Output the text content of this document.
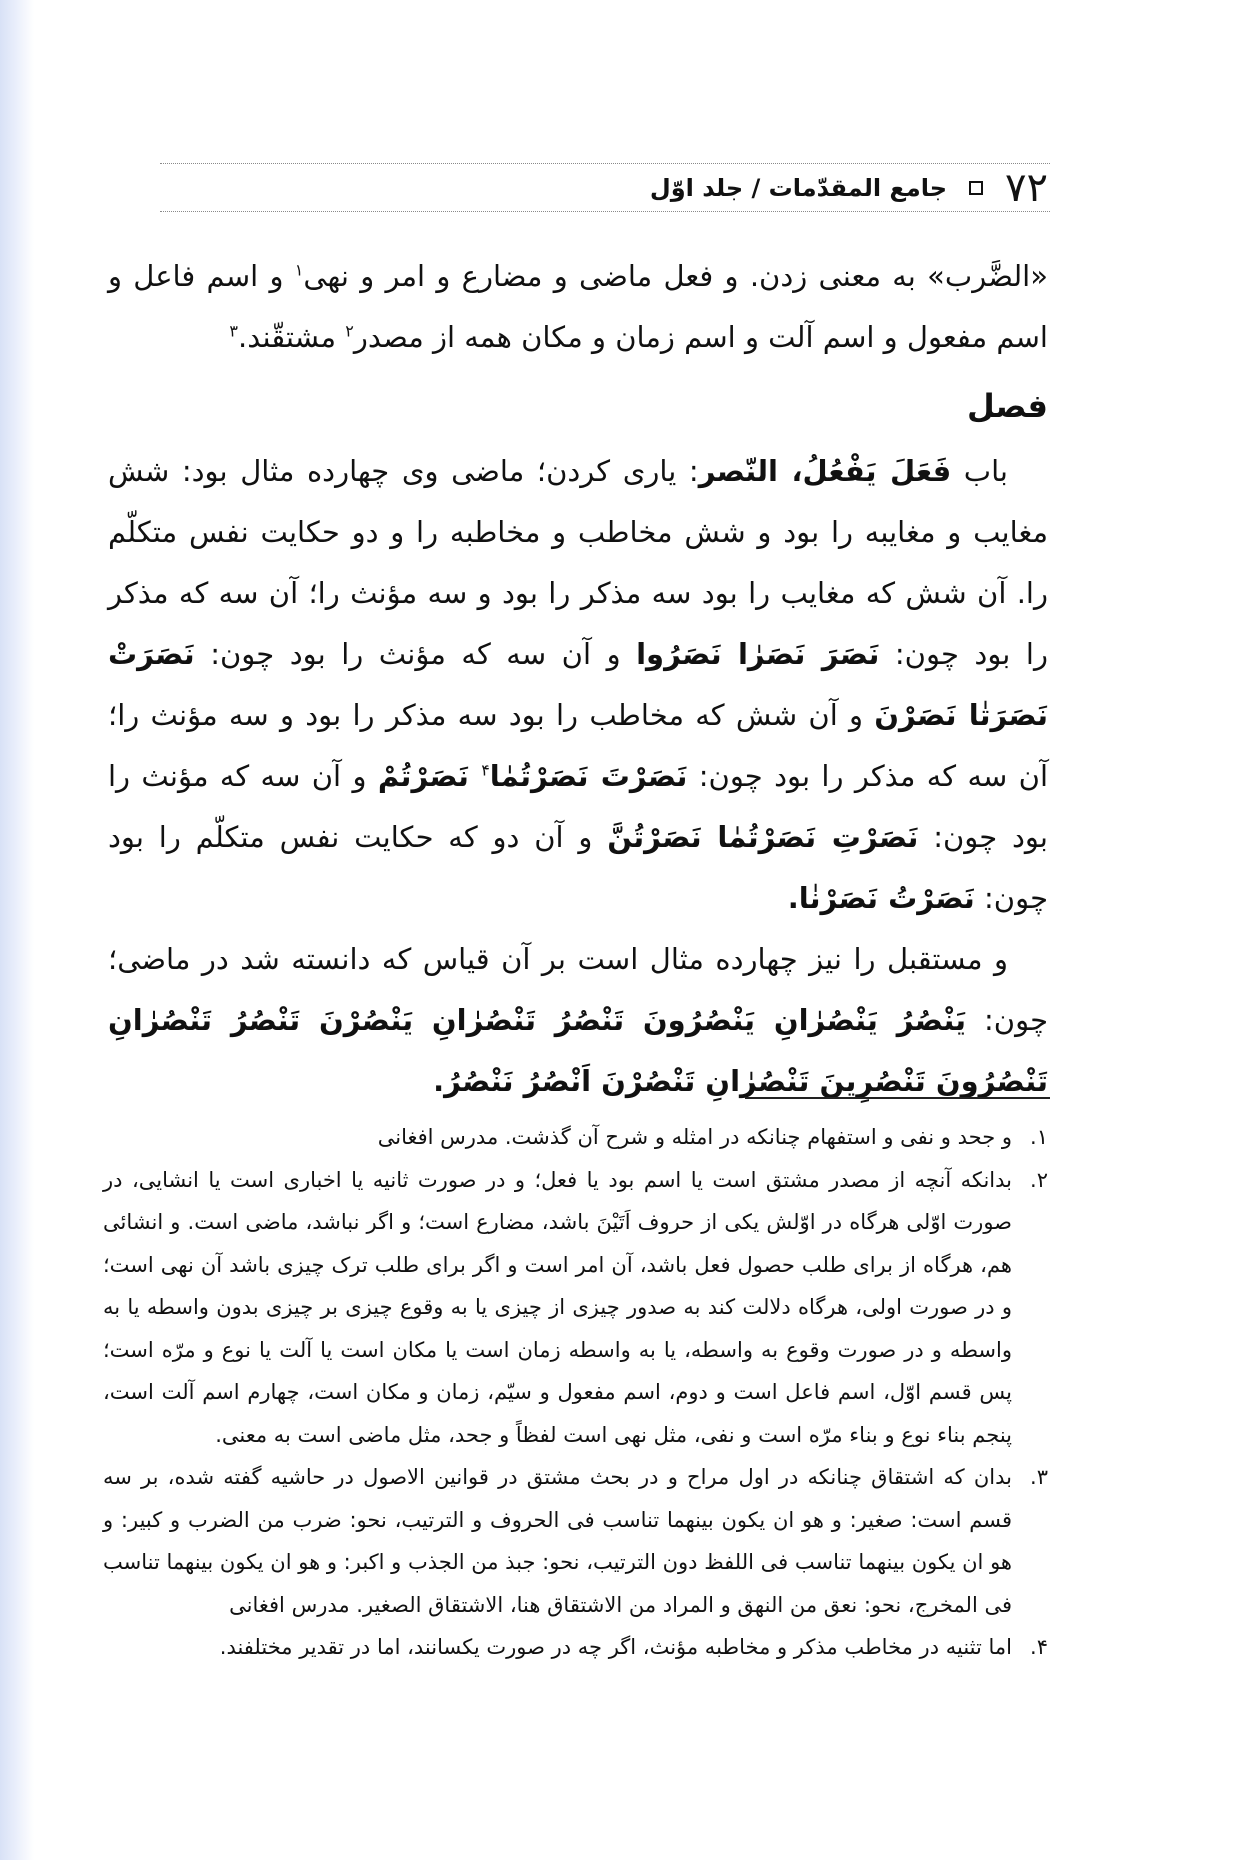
۷۲
جامع المقدّمات / جلد اوّل

«الضَّرب» به معنی زدن. و فعل ماضی و مضارع و امر و نهی$^۱$ و اسم فاعل و اسم مفعول و اسم آلت و اسم زمان و مکان همه از مصدر$^۲$ مشتقّند.$^۳$

فصل

باب فَعَلَ یَفْعُلُ، النّصر: یاری کردن؛ ماضی وی چهارده مثال بود: شش مغایب و مغایبه را بود و شش مخاطب و مخاطبه را و دو حکایت نفس متکلّم را. آن شش که مغایب را بود سه مذکر را بود و سه مؤنث را؛ آن سه که مذکر را بود چون: نَصَرَ نَصَرٰا نَصَرُوا و آن سه که مؤنث را بود چون: نَصَرَتْ نَصَرَتٰا نَصَرْنَ و آن شش که مخاطب را بود سه مذکر را بود و سه مؤنث را؛ آن سه که مذکر را بود چون: نَصَرْتَ نَصَرْتُمٰا$^۴$ نَصَرْتُمْ و آن سه که مؤنث را بود چون: نَصَرْتِ نَصَرْتُمٰا نَصَرْتُنَّ و آن دو که حکایت نفس متکلّم را بود چون: نَصَرْتُ نَصَرْنٰا.

و مستقبل را نیز چهارده مثال است بر آن قیاس که دانسته شد در ماضی؛ چون: یَنْصُرُ یَنْصُرٰانِ یَنْصُرُونَ تَنْصُرُ تَنْصُرٰانِ یَنْصُرْنَ تَنْصُرُ تَنْصُرٰانِ تَنْصُرُونَ تَنْصُرِینَ تَنْصُرٰانِ تَنْصُرْنَ اَنْصُرُ نَنْصُرُ.

۱.
و جحد و نفی و استفهام چنانکه در امثله و شرح آن گذشت. مدرس افغانی
۲.
بدانکه آنچه از مصدر مشتق است یا اسم بود یا فعل؛ و در صورت ثانیه یا اخباری است یا انشایی، در صورت اوّلی هرگاه در اوّلش یکی از حروف اَتَیْنَ باشد، مضارع است؛ و اگر نباشد، ماضی است. و انشائی هم، هرگاه از برای طلب حصول فعل باشد، آن امر است و اگر برای طلب ترک چیزی باشد آن نهی است؛ و در صورت اولی، هرگاه دلالت کند به صدور چیزی از چیزی یا به وقوع چیزی بر چیزی بدون واسطه یا به واسطه و در صورت وقوع به واسطه، یا به واسطه زمان است یا مکان است یا آلت یا نوع و مرّه است؛ پس قسم اوّل، اسم فاعل است و دوم، اسم مفعول و سیّم، زمان و مکان است، چهارم اسم آلت است، پنجم بناء نوع و بناء مرّه است و نفی، مثل نهی است لفظاً و جحد، مثل ماضی است به معنی.
۳.
بدان که اشتقاق چنانکه در اول مراح و در بحث مشتق در قوانین الاصول در حاشیه گفته شده، بر سه قسم است: صغیر: و هو ان یکون بینهما تناسب فی الحروف و الترتیب، نحو: ضرب من الضرب و کبیر: و هو ان یکون بینهما تناسب فی اللفظ دون الترتیب، نحو: جبذ من الجذب و اکبر: و هو ان یکون بینهما تناسب فی المخرج، نحو: نعق من النهق و المراد من الاشتقاق هنا، الاشتقاق الصغیر. مدرس افغانی
۴.
اما تثنیه در مخاطب مذکر و مخاطبه مؤنث، اگر چه در صورت یکسانند، اما در تقدیر مختلفند.
